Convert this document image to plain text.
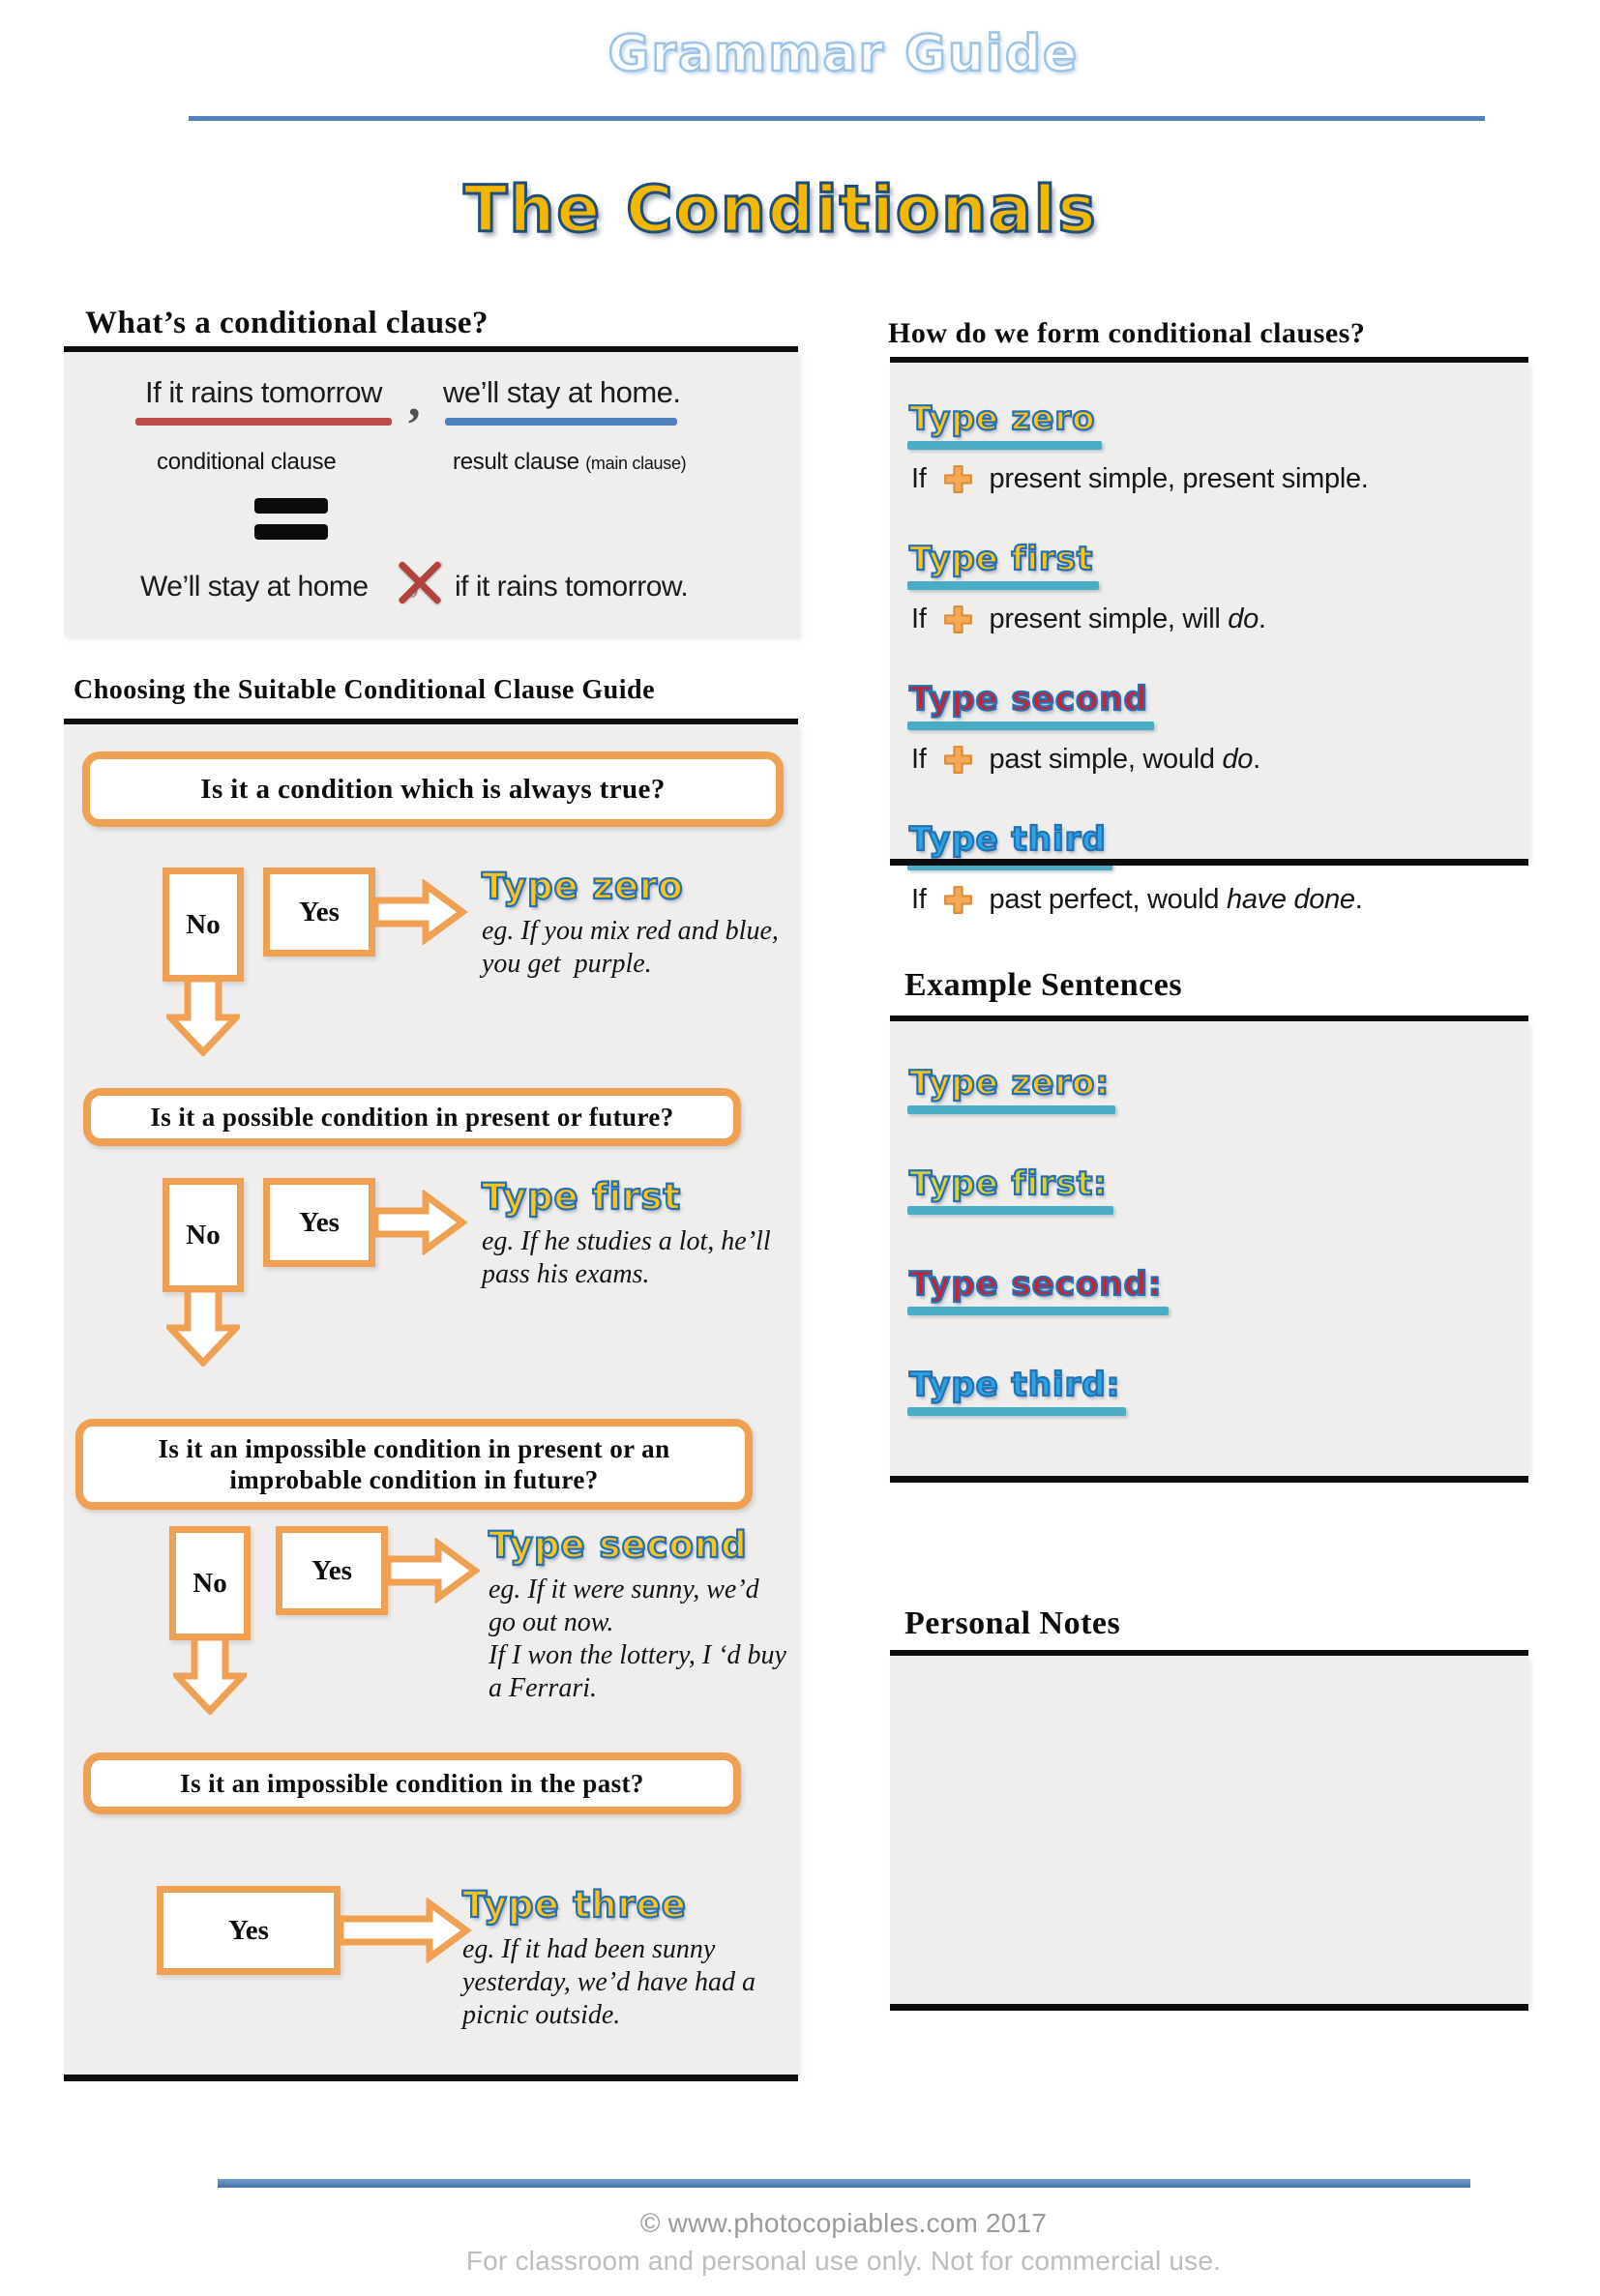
Grammar Guide
The Conditionals
What’s a conditional clause?
If it rains tomorrow , we’ll stay at home.
conditional clause	result clause (main clause)
We’ll stay at home	if it rains tomorrow.
Choosing the Suitable Conditional Clause Guide
Is it a condition which is always true?
No	Yes
Type zero
eg. If you mix red and blue,
you get  purple.
Is it a possible condition in present or future?
No	Yes
Type first
eg. If he studies a lot, he’ll
pass his exams.
Is it an impossible condition in present or an improbable condition in future?
No	Yes
Type second
eg. If it were sunny, we’d
go out now.
If I won the lottery, I ‘d buy
a Ferrari.
Is it an impossible condition in the past?
Yes
Type three
eg. If it had been sunny
yesterday, we’d have had a
picnic outside.
How do we form conditional clauses?
Type zero
If present simple, present simple.
Type first
If present simple, will do.
Type second
If past simple, would do.
Type third
If past perfect, would have done.
Example Sentences
Type zero:

Type first:

Type second:

Type third:
Personal Notes
© www.photocopiables.com 2017
For classroom and personal use only. Not for commercial use.
